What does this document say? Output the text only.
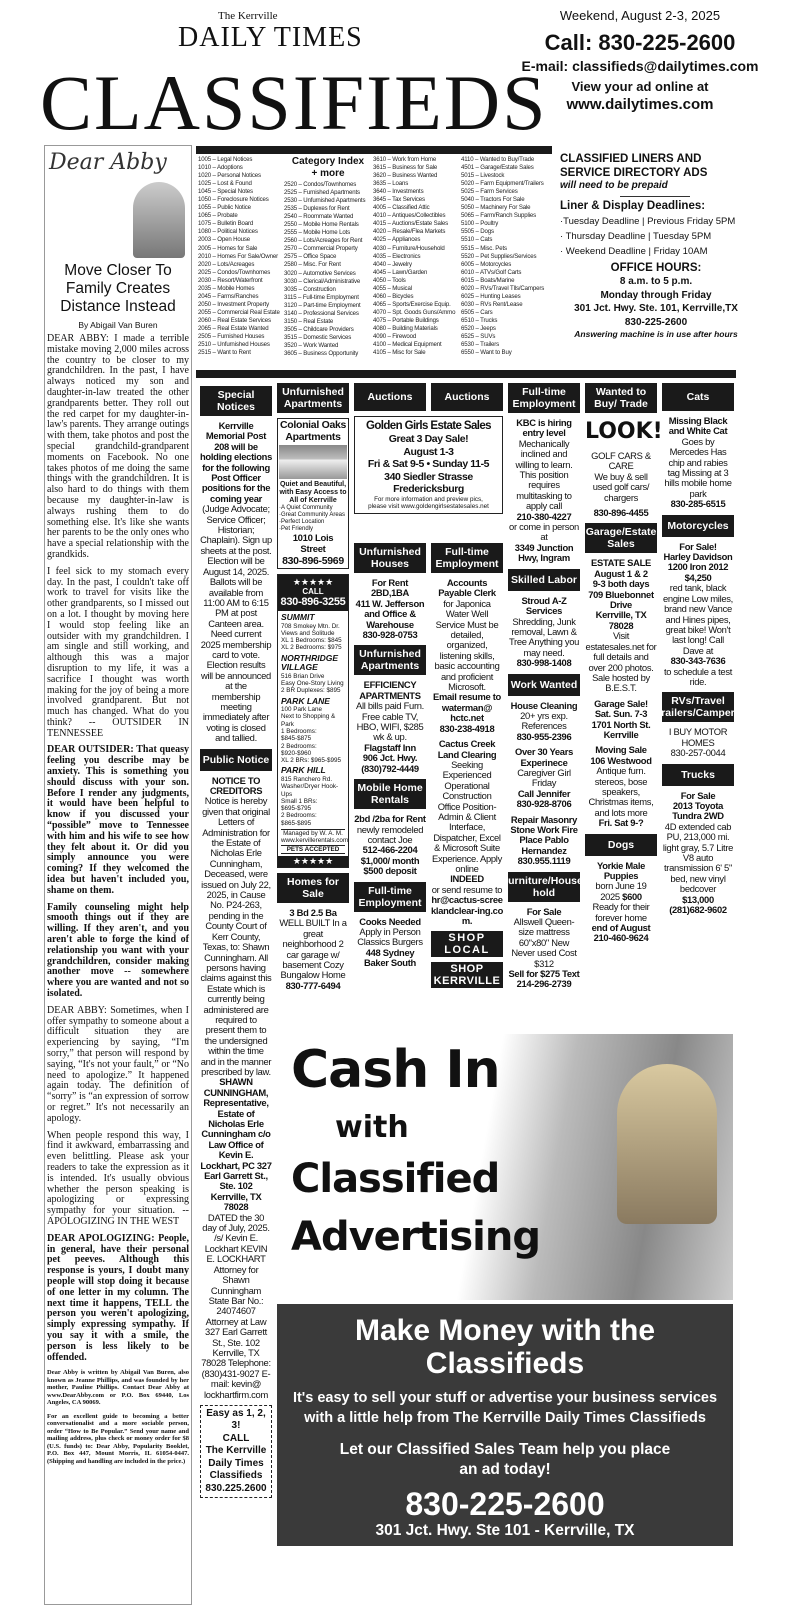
The Kerrville
DAILY TIMES
CLASSIFIEDS
Weekend, August 2-3, 2025
Call: 830-225-2600
E-mail: classifieds@dailytimes.com
View your ad online at
www.dailytimes.com
Dear Abby
Move Closer To Family Creates Distance Instead
By Abigail Van Buren

DEAR ABBY: I made a terrible mistake moving 2,000 miles across the country to be closer to my grandchildren. In the past, I have always noticed my son and daughter-in-law treated the other grandparents better. They roll out the red carpet for my daughter-in-law's parents. They arrange outings with them, take photos and post the special grandchild-grandparent moments on Facebook. No one takes photos of me doing the same things with the grandchildren. It is also hard to do things with them because my daughter-in-law is always rushing them to do something else. It's like she wants her parents to be the only ones who have a special relationship with the grandkids.

I feel sick to my stomach every day. In the past, I couldn't take off work to travel for visits like the other grandparents, so I missed out on a lot. I thought by moving here I would stop feeling like an outsider with my grandchildren. I am single and still working, and although this was a major disruption to my life, it was a sacrifice I thought was worth making for the joy of being a more involved grandparent. But not much has changed. What do you think? -- OUTSIDER IN TENNESSEE

DEAR OUTSIDER: That queasy feeling you describe may be anxiety. This is something you should discuss with your son. Before I render any judgments, it would have been helpful to know if you discussed your “possible” move to Tennessee with him and his wife to see how they felt about it. Or did you simply announce you were coming? If they welcomed the idea but haven't included you, shame on them.

Family counseling might help smooth things out if they are willing. If they aren't, and you aren't able to forge the kind of relationship you want with your grandchildren, consider making another move -- somewhere where you are wanted and not so isolated.

DEAR ABBY: Sometimes, when I offer sympathy to someone about a difficult situation they are experiencing by saying, “I'm sorry,” that person will respond by saying, “It's not your fault,” or “No need to apologize.” It happened again today. The definition of “sorry” is “an expression of sorrow or regret.” It's not necessarily an apology.

When people respond this way, I find it awkward, embarrassing and even belittling. Please ask your readers to take the expression as it is intended. It's usually obvious whether the person speaking is apologizing or expressing sympathy for your situation. -- APOLOGIZING IN THE WEST

DEAR APOLOGIZING: People, in general, have their personal pet peeves. Although this response is yours, I doubt many people will stop doing it because of one letter in my column. The next time it happens, TELL the person you weren't apologizing, simply expressing sympathy. If you say it with a smile, the person is less likely to be offended.

Dear Abby is written by Abigail Van Buren, also known as Jeanne Phillips, and was founded by her mother, Pauline Phillips. Contact Dear Abby at www.DearAbby.com or P.O. Box 69440, Los Angeles, CA 90069.

For an excellent guide to becoming a better conversationalist and a more sociable person, order “How to Be Popular.” Send your name and mailing address, plus check or money order for $8 (U.S. funds) to: Dear Abby, Popularity Booklet, P.O. Box 447, Mount Morris, IL 61054-0447. (Shipping and handling are included in the price.)

1005 – Legal Notices
1010 – Adoptions
1020 – Personal Notices
1025 – Lost & Found
1045 – Special Notes
1050 – Foreclosure Notices
1055 – Public Notice
1065 – Probate
1075 – Bulletin Board
1080 – Political Notices
2003 – Open House
2005 – Homes for Sale
2010 – Homes For Sale/Owner
2020 – Lots/Acreages
2025 – Condos/Townhomes
2030 – Resort/Waterfront
2035 – Mobile Homes
2045 – Farms/Ranches
2050 – Investment Property
2055 – Commercial Real Estate
2060 – Real Estate Services
2065 – Real Estate Wanted
2505 – Furnished Houses
2510 – Unfurnished Houses
2515 – Want to Rent
Category Index
+ more
2520 – Condos/Townhomes
2525 – Furnished Apartments
2530 – Unfurnished Apartments
2535 – Duplexes for Rent
2540 – Roommate Wanted
2550 – Mobile Home Rentals
2555 – Mobile Home Lots
2560 – Lots/Acreages for Rent
2570 – Commercial Property
2575 – Office Space
2580 – Misc. For Rent
3020 – Automotive Services
3030 – Clerical/Administrative
3035 – Construction
3115 – Full-time Employment
3120 – Part-time Employment
3140 – Professional Services
3150 – Real Estate
3505 – Childcare Providers
3515 – Domestic Services
3520 – Work Wanted
3605 – Business Opportunity
3610 – Work from Home
3615 – Business for Sale
3620 – Business Wanted
3635 – Loans
3640 – Investments
3645 – Tax Services
4005 – Classified Attic
4010 – Antiques/Collectibles
4015 – Auctions/Estate Sales
4020 – Resale/Flea Markets
4025 – Appliances
4030 – Furniture/Household
4035 – Electronics
4040 – Jewelry
4045 – Lawn/Garden
4050 – Tools
4055 – Musical
4060 – Bicycles
4065 – Sports/Exercise Equip.
4070 – Spt. Goods Guns/Ammo
4075 – Portable Buildings
4080 – Building Materials
4090 – Firewood
4100 – Medical Equipment
4105 – Misc for Sale
4110 – Wanted to Buy/Trade
4501 – Garage/Estate Sales
5015 – Livestock
5020 – Farm Equipment/Trailers
5025 – Farm Services
5040 – Tractors For Sale
5050 – Machinery For Sale
5065 – Farm/Ranch Supplies
5100 – Poultry
5505 – Dogs
5510 – Cats
5515 – Misc. Pets
5520 – Pet Supplies/Services
6005 – Motorcycles
6010 – ATVs/Golf Carts
6015 – Boats/Marine
6020 – RVs/Travel Tlls/Campers
6025 – Hunting Leases
6030 – RVs Rent/Lease
6505 – Cars
6510 – Trucks
6520 – Jeeps
6525 – SUVs
6530 – Trailers
6550 – Want to Buy
CLASSIFIED LINERS AND
SERVICE DIRECTORY ADS
will need to be prepaid
Liner & Display Deadlines:
·Tuesday Deadline | Previous Friday 5PM
· Thursday Deadline | Tuesday 5PM
· Weekend Deadline | Friday 10AM
OFFICE HOURS:
8 a.m. to 5 p.m.
Monday through Friday
301 Jct. Hwy. Ste. 101, Kerrville,TX
830-225-2600
Answering machine is in use after hours
Special Notices
Kerrville Memorial Post 208 will be holding elections for the following Post Officer positions for the coming year (Judge Advocate; Service Officer; Historian; Chaplain). Sign up sheets at the post. Election will be August 14, 2025. Ballots will be available from 11:00 AM to 6:15 PM at post Canteen area. Need current 2025 membership card to vote. Election results will be announced at the membership meeting immediately after voting is closed and tallied.
Public Notice
NOTICE TO CREDITORS
Notice is hereby given that original Letters of Administration for the Estate of Nicholas Erle Cunningham, Deceased, were issued on July 22, 2025, in Cause No. P24-263, pending in the County Court of Kerr County, Texas, to: Shawn Cunningham. All persons having claims against this Estate which is currently being administered are required to present them to the undersigned within the time and in the manner prescribed by law.
SHAWN CUNNINGHAM, Representative, Estate of Nicholas Erle Cunningham c/o Law Office of Kevin E. Lockhart, PC 327 Earl Garrett St., Ste. 102 Kerrville, TX 78028
DATED the 30 day of July, 2025. /s/ Kevin E. Lockhart KEVIN E. LOCKHART Attorney for Shawn Cunningham State Bar No.: 24074607 Attorney at Law 327 Earl Garrett St., Ste. 102 Kerrville, TX 78028 Telephone: (830)431-9027 E-mail: kevin@ lockhartfirm.com
Easy as 1, 2, 3!
CALL
The Kerrville
Daily Times
Classifieds
830.225.2600
Unfurnished Apartments
Colonial Oaks Apartments
Quiet and Beautiful, with Easy Access to All of Kerrville
·A Quiet Community
·Great Community Areas
·Perfect Location
·Pet Friendly
1010 Lois Street
830-896-5969
★★★★★
CALL
830-896-3255
SUMMIT
708 Smokey Mtn. Dr.
Views and Solitude
XL 1 Bedrooms: $845
XL 2 Bedrooms: $975
NORTHRIDGE VILLAGE
516 Brian Drive
Easy One-Story Living
2 BR Duplexes: $895
PARK LANE
100 Park Lane
Next to Shopping & Park
1 Bedrooms: $845-$875
2 Bedrooms: $920-$960
XL 2 BRs: $965-$995
PARK HILL
815 Ranchero Rd.
Washer/Dryer Hook-Ups
Small 1 BRs: $695-$795
2 Bedrooms: $865-$895
Managed by W. A. M.
www.kervillerentals.com
PETS ACCEPTED
★★★★★
Homes for Sale
3 Bd 2.5 Ba
WELL BUILT In a great neighborhood 2 car garage w/ basement Cozy Bungalow Home
830-777-6494
Auctions	Auctions
Golden Girls Estate Sales
Great 3 Day Sale!
August 1-3
Fri & Sat 9-5 • Sunday 11-5
340 Siedler Strasse
Fredericksburg
For more information and preview pics,
please visit www.goldengirlsestatesales.net
Unfurnished Houses
For Rent
2BD,1BA
411 W. Jefferson and Office & Warehouse
830-928-0753
Unfurnished Apartments
EFFICIENCY APARTMENTS
All bills paid Furn. Free cable TV, HBO, WIFI, $285 wk & up.
Flagstaff Inn
906 Jct. Hwy.
(830)792-4449
Mobile Home Rentals
2bd /2ba for Rent
newly remodeled contact Joe
512-466-2204
$1,000/ month
$500 deposit
Full-time Employment
Cooks Needed
Apply in Person Classics Burgers
448 Sydney Baker South
Full-time Employment
Accounts Payable Clerk
for Japonica Water Well Service Must be detailed, organized, listening skills, basic accounting and proficient Microsoft.
Email resume to waterman@ hctc.net
830-238-4918
Cactus Creek Land Clearing
Seeking Experienced Operational Construction Office Position- Admin & Client Interface, Dispatcher, Excel & Microsoft Suite Experience. Apply online
INDEED
or send resume to
hr@cactus-screeklandclear-ing.com.
SHOP
LOCAL
SHOP
KERRVILLE
Full-time Employment
KBC is hiring entry level
Mechanically inclined and willing to learn. This position requires multitasking to apply call
210-380-4227
or come in person at
3349 Junction Hwy, Ingram
Skilled Labor
Stroud A-Z Services
Shredding, Junk removal, Lawn & Tree Anything you may need.
830-998-1408
Work Wanted
House Cleaning
20+ yrs exp. References
830-955-2396
Over 30 Years Experinece
Caregiver Girl Friday
Call Jennifer 830-928-8706
Repair Masonry Stone Work Fire Place Pablo Hernandez
830.955.1119
Furniture/House-hold
For Sale
Allswell Queen-size mattress 60"x80" New Never used Cost $312
Sell for $275 Text
214-296-2739
Wanted to Buy/ Trade
LOOK!
GOLF CARS & CARE
We buy & sell used golf cars/ chargers
830-896-4455
Garage/Estate Sales
ESTATE SALE
August 1 & 2
9-3 both days
709 Bluebonnet Drive
Kerrville, TX 78028
Visit estatesales.net for full details and over 200 photos. Sale hosted by B.E.S.T.
Garage Sale!
Sat. Sun. 7-3
1701 North St.
Kerrville
Moving Sale
106 Westwood
Antique furn. stereos, bose speakers, Christmas items, and lots more
Fri. Sat 9-?
Dogs
Yorkie Male Puppies
born June 19 2025 $600
Ready for their forever home
end of August
210-460-9624
Cats
Missing Black and White Cat
Goes by Mercedes Has chip and rabies tag Missing at 3 hills mobile home park
830-285-6515
Motorcycles
For Sale!
Harley Davidson 1200 Iron 2012
$4,250
red tank, black engine Low miles, brand new Vance and Hines pipes, great bike! Won't last long! Call Dave at
830-343-7636
to schedule a test ride.
RVs/Travel Trailers/Campers
I BUY MOTOR HOMES
830-257-0044
Trucks
For Sale
2013 Toyota Tundra 2WD
4D extended cab PU, 213,000 mi. light gray, 5.7 Litre V8 auto transmission 6' 5" bed, new vinyl bedcover
$13,000
(281)682-9602
Cash In
with
Classified
Advertising
Make Money with the Classifieds
It's easy to sell your stuff or advertise your business services with a little help from The Kerrville Daily Times Classifieds
Let our Classified Sales Team help you place an ad today!
830-225-2600
301 Jct. Hwy. Ste 101 - Kerrville, TX
